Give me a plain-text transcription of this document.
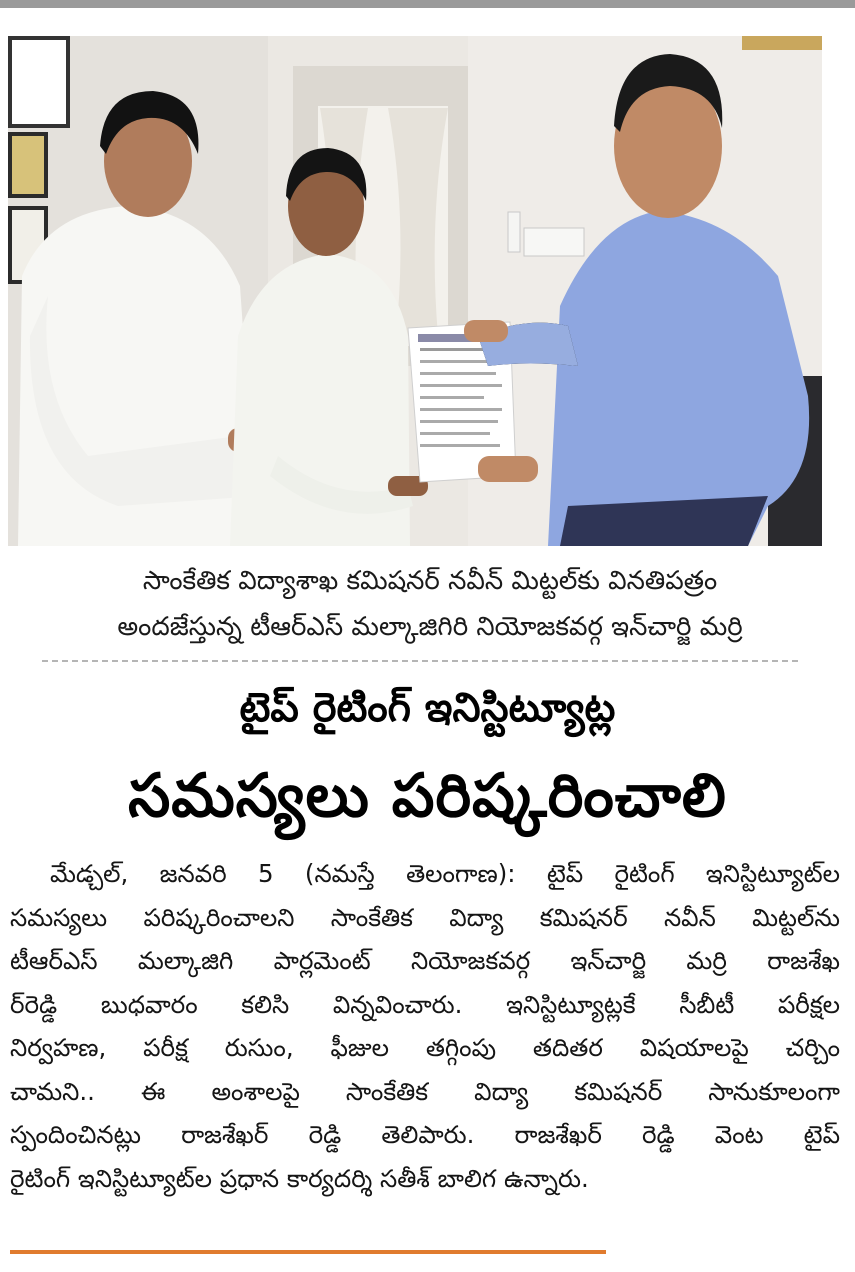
సాంకేతిక విద్యాశాఖ కమిషనర్ నవీన్ మిట్టల్‌కు వినతిపత్రం
అందజేస్తున్న టీఆర్ఎస్ మల్కాజిగిరి నియోజకవర్గ ఇన్‌చార్జి మర్రి
టైప్ రైటింగ్ ఇనిస్టిట్యూట్ల
సమస్యలు పరిష్కరించాలి
మేడ్చల్, జనవరి 5 (నమస్తే తెలంగాణ): టైప్ రైటింగ్ ఇనిస్టిట్యూట్‌ల
సమస్యలు పరిష్కరించాలని సాంకేతిక విద్యా కమిషనర్ నవీన్ మిట్టల్‌ను
టీఆర్ఎస్ మల్కాజిగి పార్లమెంట్ నియోజకవర్గ ఇన్‌చార్జి మర్రి రాజశేఖ
ర్‌రెడ్డి బుధవారం కలిసి విన్నవించారు. ఇనిస్టిట్యూట్లకే సీబీటీ పరీక్షల
నిర్వహణ, పరీక్ష రుసుం, ఫీజుల తగ్గింపు తదితర విషయాలపై చర్చిం
చామని.. ఈ అంశాలపై సాంకేతిక విద్యా కమిషనర్ సానుకూలంగా
స్పందించినట్లు రాజశేఖర్ రెడ్డి తెలిపారు. రాజశేఖర్ రెడ్డి వెంట టైప్
రైటింగ్ ఇనిస్టిట్యూట్‌ల ప్రధాన కార్యదర్శి సతీశ్ బాలిగ ఉన్నారు.
